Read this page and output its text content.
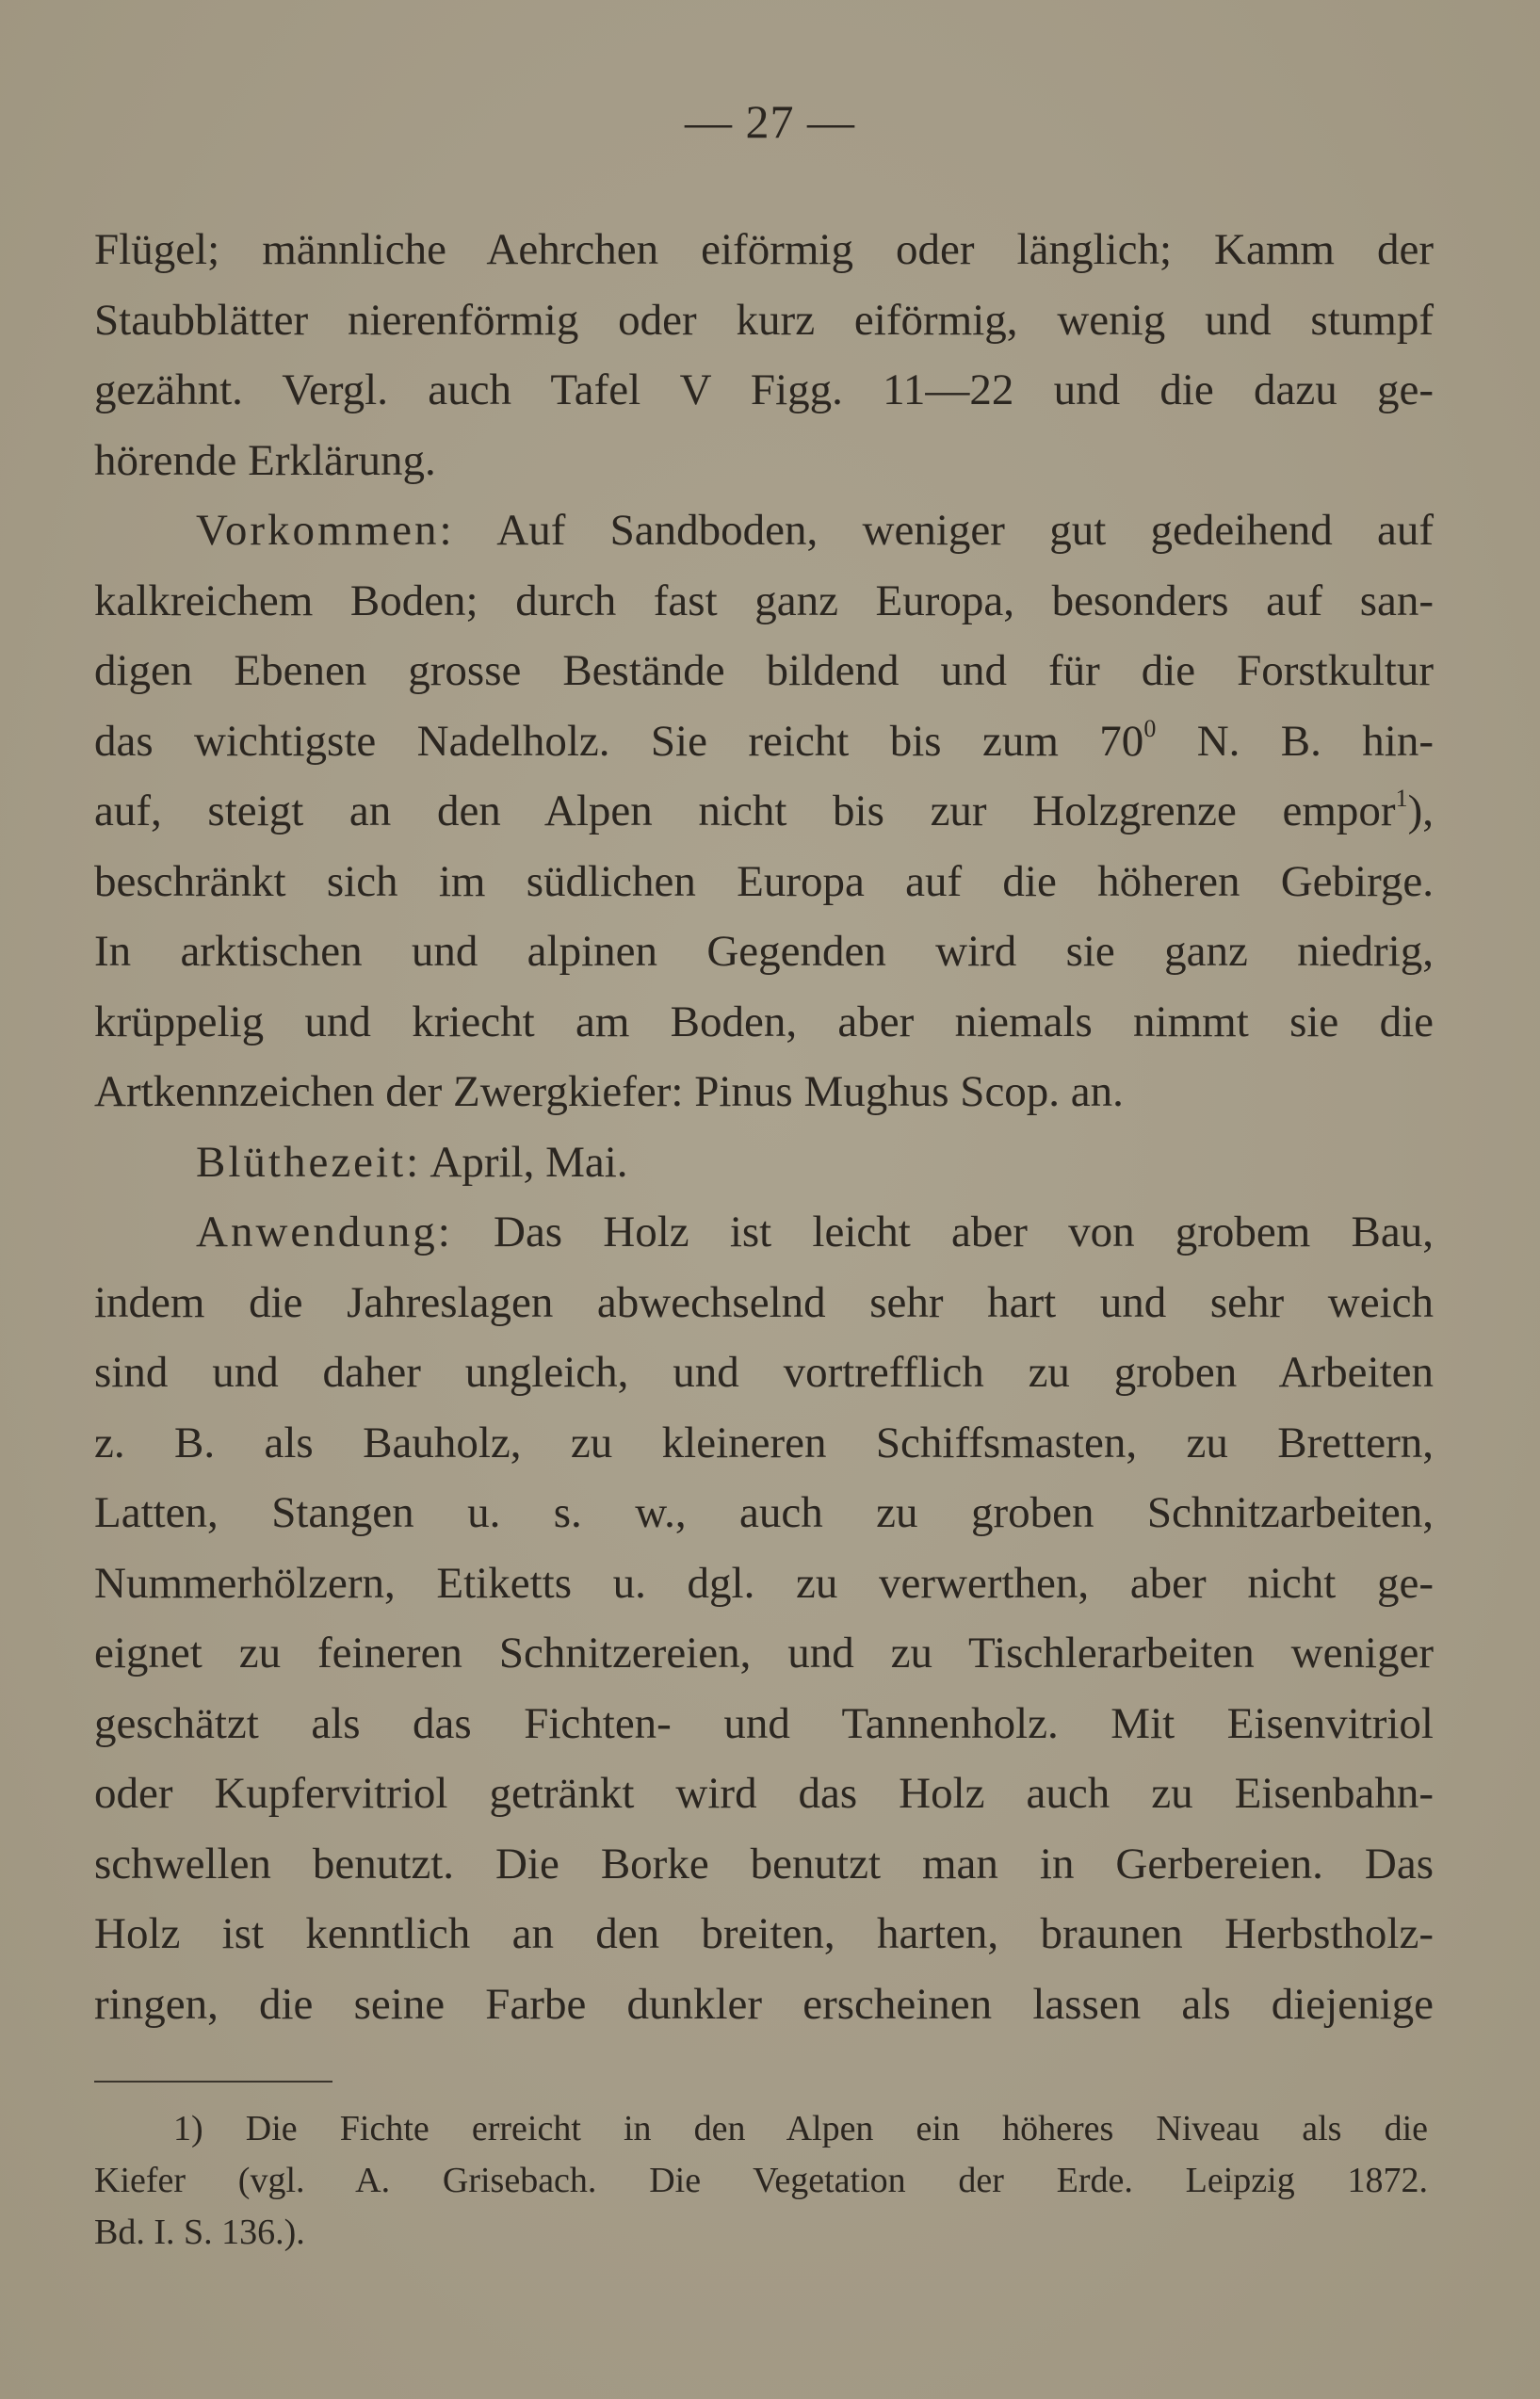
— 27 —
Flügel; männliche Aehrchen eiförmig oder länglich; Kamm der
Staubblätter nierenförmig oder kurz eiförmig, wenig und stumpf
gezähnt. Vergl. auch Tafel V Figg. 11—22 und die dazu ge-
hörende Erklärung.
Vorkommen: Auf Sandboden, weniger gut gedeihend auf
kalkreichem Boden; durch fast ganz Europa, besonders auf san-
digen Ebenen grosse Bestände bildend und für die Forstkultur
das wichtigste Nadelholz. Sie reicht bis zum $70^0$ N. B. hin-
auf, steigt an den Alpen nicht bis zur Holzgrenze empor$^1$),
beschränkt sich im südlichen Europa auf die höheren Gebirge.
In arktischen und alpinen Gegenden wird sie ganz niedrig,
krüppelig und kriecht am Boden, aber niemals nimmt sie die
Artkennzeichen der Zwergkiefer: Pinus Mughus Scop. an.
Blüthezeit: April, Mai.
Anwendung: Das Holz ist leicht aber von grobem Bau,
indem die Jahreslagen abwechselnd sehr hart und sehr weich
sind und daher ungleich, und vortrefflich zu groben Arbeiten
z. B. als Bauholz, zu kleineren Schiffsmasten, zu Brettern,
Latten, Stangen u. s. w., auch zu groben Schnitzarbeiten,
Nummerhölzern, Etiketts u. dgl. zu verwerthen, aber nicht ge-
eignet zu feineren Schnitzereien, und zu Tischlerarbeiten weniger
geschätzt als das Fichten- und Tannenholz. Mit Eisenvitriol
oder Kupfervitriol getränkt wird das Holz auch zu Eisenbahn-
schwellen benutzt. Die Borke benutzt man in Gerbereien. Das
Holz ist kenntlich an den breiten, harten, braunen Herbstholz-
ringen, die seine Farbe dunkler erscheinen lassen als diejenige
1) Die Fichte erreicht in den Alpen ein höheres Niveau als die
Kiefer (vgl. A. Grisebach. Die Vegetation der Erde. Leipzig 1872.
Bd. I. S. 136.).
